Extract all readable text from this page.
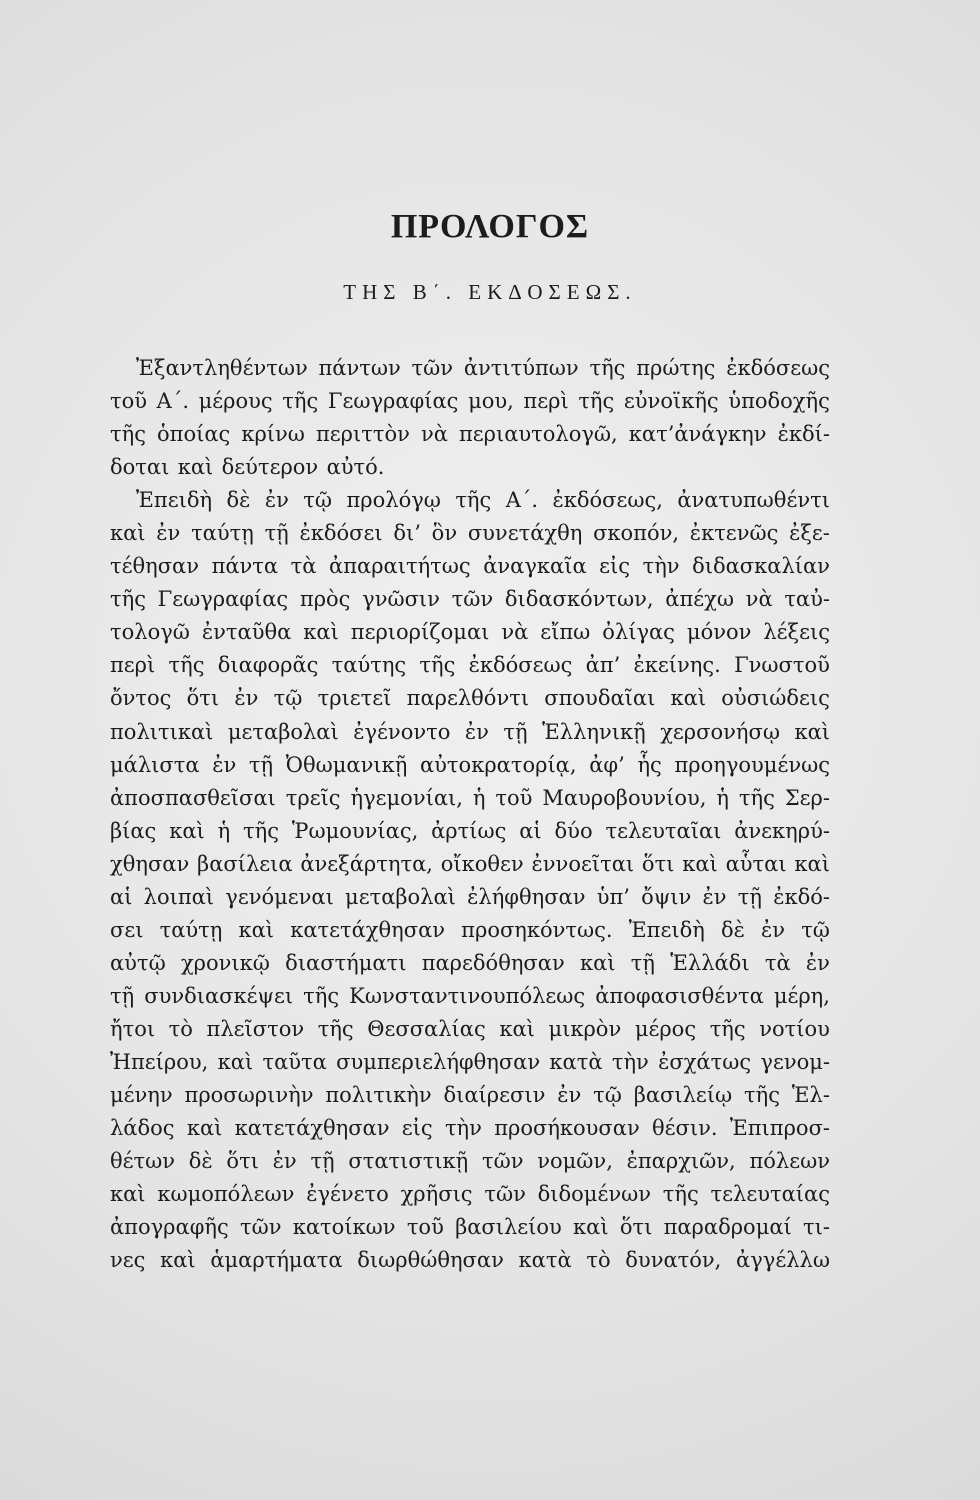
ΠΡΟΛΟΓΟΣ
ΤΗΣ Β΄. ΕΚΔΟΣΕΩΣ.
Ἐξαντληθέντων πάντων τῶν ἀντιτύπων τῆς πρώτης ἐκδόσεως
τοῦ Α΄. μέρους τῆς Γεωγραφίας μου, περὶ τῆς εὐνοϊκῆς ὑποδοχῆς
τῆς ὁποίας κρίνω περιττὸν νὰ περιαυτολογῶ, κατ’ἀνάγκην ἐκδί-
δοται καὶ δεύτερον αὐτό.
Ἐπειδὴ δὲ ἐν τῷ προλόγῳ τῆς Α΄. ἐκδόσεως, ἀνατυπωθέντι
καὶ ἐν ταύτῃ τῇ ἐκδόσει δι’ ὃν συνετάχθη σκοπόν, ἐκτενῶς ἐξε-
τέθησαν πάντα τὰ ἀπαραιτήτως ἀναγκαῖα εἰς τὴν διδασκαλίαν
τῆς Γεωγραφίας πρὸς γνῶσιν τῶν διδασκόντων, ἀπέχω νὰ ταὐ-
τολογῶ ἐνταῦθα καὶ περιορίζομαι νὰ εἴπω ὀλίγας μόνον λέξεις
περὶ τῆς διαφορᾶς ταύτης τῆς ἐκδόσεως ἀπ’ ἐκείνης. Γνωστοῦ
ὄντος ὅτι ἐν τῷ τριετεῖ παρελθόντι σπουδαῖαι καὶ οὐσιώδεις
πολιτικαὶ μεταβολαὶ ἐγένοντο ἐν τῇ Ἑλληνικῇ χερσονήσῳ καὶ
μάλιστα ἐν τῇ Ὀθωμανικῇ αὐτοκρατορίᾳ, ἀφ’ ἧς προηγουμένως
ἀποσπασθεῖσαι τρεῖς ἡγεμονίαι, ἡ τοῦ Μαυροβουνίου, ἡ τῆς Σερ-
βίας καὶ ἡ τῆς Ῥωμουνίας, ἀρτίως αἱ δύο τελευταῖαι ἀνεκηρύ-
χθησαν βασίλεια ἀνεξάρτητα, οἴκοθεν ἐννοεῖται ὅτι καὶ αὗται καὶ
αἱ λοιπαὶ γενόμεναι μεταβολαὶ ἐλήφθησαν ὑπ’ ὄψιν ἐν τῇ ἐκδό-
σει ταύτῃ καὶ κατετάχθησαν προσηκόντως. Ἐπειδὴ δὲ ἐν τῷ
αὐτῷ χρονικῷ διαστήματι παρεδόθησαν καὶ τῇ Ἑλλάδι τὰ ἐν
τῇ συνδιασκέψει τῆς Κωνσταντινουπόλεως ἀποφασισθέντα μέρη,
ἤτοι τὸ πλεῖστον τῆς Θεσσαλίας καὶ μικρὸν μέρος τῆς νοτίου
Ἠπείρου, καὶ ταῦτα συμπεριελήφθησαν κατὰ τὴν ἐσχάτως γενομ-
μένην προσωρινὴν πολιτικὴν διαίρεσιν ἐν τῷ βασιλείῳ τῆς Ἑλ-
λάδος καὶ κατετάχθησαν εἰς τὴν προσήκουσαν θέσιν. Ἐπιπροσ-
θέτων δὲ ὅτι ἐν τῇ στατιστικῇ τῶν νομῶν, ἐπαρχιῶν, πόλεων
καὶ κωμοπόλεων ἐγένετο χρῆσις τῶν διδομένων τῆς τελευταίας
ἀπογραφῆς τῶν κατοίκων τοῦ βασιλείου καὶ ὅτι παραδρομαί τι-
νες καὶ ἁμαρτήματα διωρθώθησαν κατὰ τὸ δυνατόν, ἀγγέλλω
